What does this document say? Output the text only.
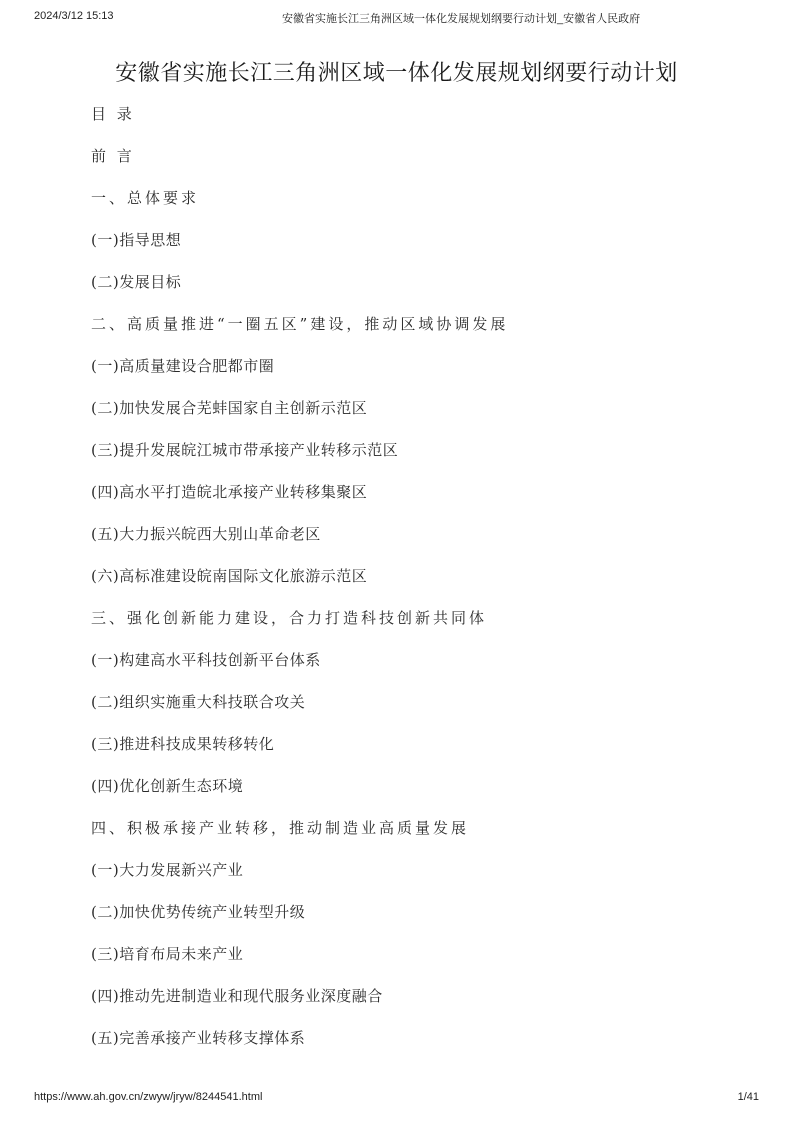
2024/3/12 15:13	安徽省实施长江三角洲区域一体化发展规划纲要行动计划_安徽省人民政府
安徽省实施长江三角洲区域一体化发展规划纲要行动计划
目 录
前 言
一、总体要求
(一)指导思想
(二)发展目标
二、高质量推进“一圈五区”建设，推动区域协调发展
(一)高质量建设合肥都市圈
(二)加快发展合芜蚌国家自主创新示范区
(三)提升发展皖江城市带承接产业转移示范区
(四)高水平打造皖北承接产业转移集聚区
(五)大力振兴皖西大别山革命老区
(六)高标准建设皖南国际文化旅游示范区
三、强化创新能力建设，合力打造科技创新共同体
(一)构建高水平科技创新平台体系
(二)组织实施重大科技联合攻关
(三)推进科技成果转移转化
(四)优化创新生态环境
四、积极承接产业转移，推动制造业高质量发展
(一)大力发展新兴产业
(二)加快优势传统产业转型升级
(三)培育布局未来产业
(四)推动先进制造业和现代服务业深度融合
(五)完善承接产业转移支撑体系
https://www.ah.gov.cn/zwyw/jryw/8244541.html	1/41
